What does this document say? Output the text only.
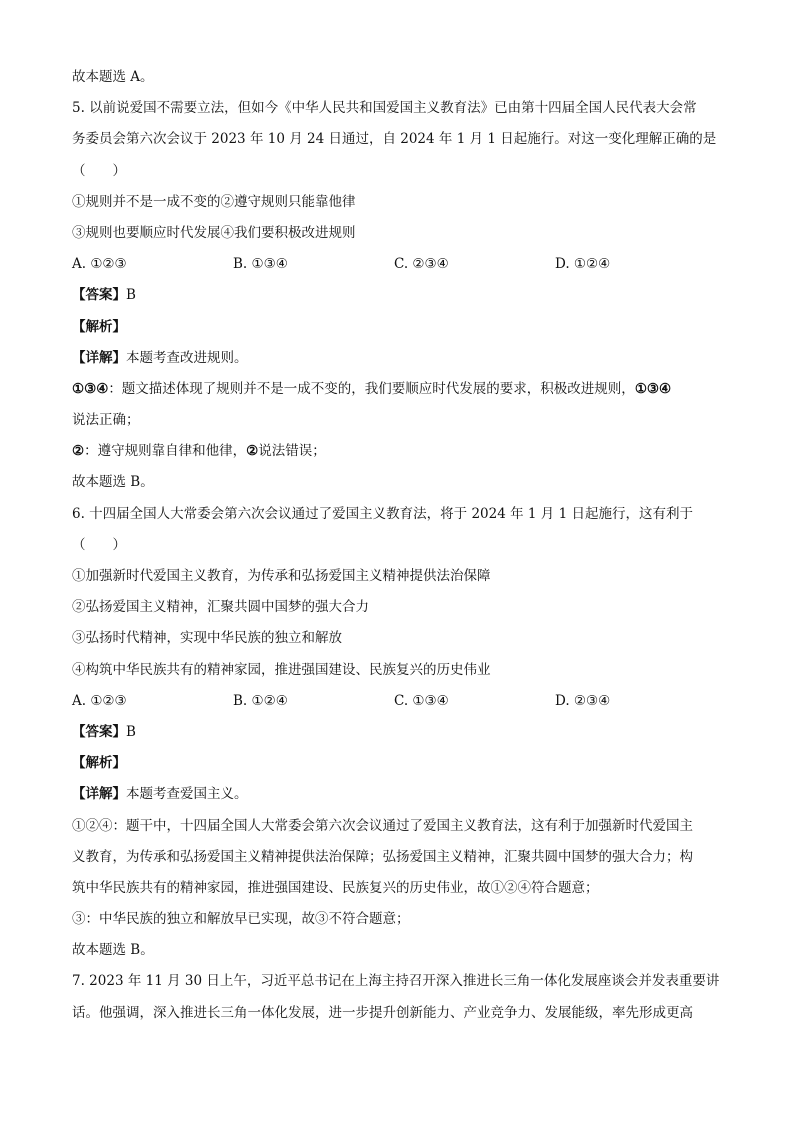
故本题选 A。
5. 以前说爱国不需要立法，但如今《中华人民共和国爱国主义教育法》已由第十四届全国人民代表大会常
务委员会第六次会议于 2023 年 10 月 24 日通过，自 2024 年 1 月 1 日起施行。对这一变化理解正确的是
（　　）
①规则并不是一成不变的②遵守规则只能靠他律
③规则也要顺应时代发展④我们要积极改进规则
A. ①②③	B. ①③④	C. ②③④	D. ①②④
【答案】B
【解析】
【详解】本题考查改进规则。
①③④：题文描述体现了规则并不是一成不变的，我们要顺应时代发展的要求，积极改进规则，①③④
说法正确；
②：遵守规则靠自律和他律，②说法错误；
故本题选 B。
6. 十四届全国人大常委会第六次会议通过了爱国主义教育法，将于 2024 年 1 月 1 日起施行，这有利于
（　　）
①加强新时代爱国主义教育，为传承和弘扬爱国主义精神提供法治保障
②弘扬爱国主义精神，汇聚共圆中国梦的强大合力
③弘扬时代精神，实现中华民族的独立和解放
④构筑中华民族共有的精神家园，推进强国建设、民族复兴的历史伟业
A. ①②③	B. ①②④	C. ①③④	D. ②③④
【答案】B
【解析】
【详解】本题考查爱国主义。
①②④：题干中，十四届全国人大常委会第六次会议通过了爱国主义教育法，这有利于加强新时代爱国主
义教育，为传承和弘扬爱国主义精神提供法治保障；弘扬爱国主义精神，汇聚共圆中国梦的强大合力；构
筑中华民族共有的精神家园，推进强国建设、民族复兴的历史伟业，故①②④符合题意；
③：中华民族的独立和解放早已实现，故③不符合题意；
故本题选 B。
7. 2023 年 11 月 30 日上午，习近平总书记在上海主持召开深入推进长三角一体化发展座谈会并发表重要讲
话。他强调，深入推进长三角一体化发展，进一步提升创新能力、产业竞争力、发展能级，率先形成更高
